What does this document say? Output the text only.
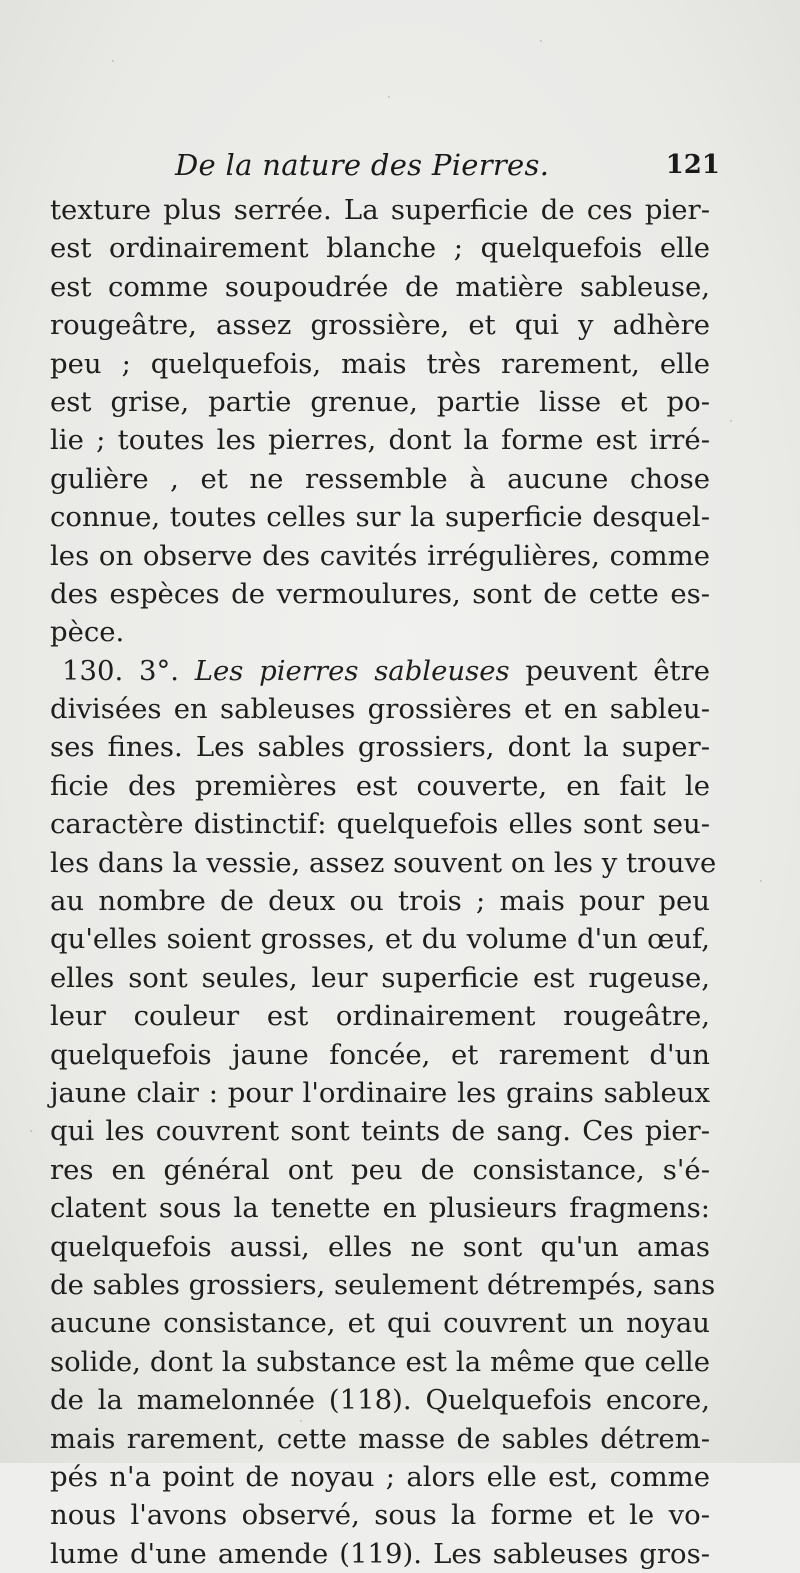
De la nature des Pierres.	121
texture plus serrée. La superficie de ces pier-
est ordinairement blanche ; quelquefois elle
est comme soupoudrée de matière sableuse,
rougeâtre, assez grossière, et qui y adhère
peu ; quelquefois, mais très rarement, elle
est grise, partie grenue, partie lisse et po-
lie ; toutes les pierres, dont la forme est irré-
gulière , et ne ressemble à aucune chose
connue, toutes celles sur la superficie desquel-
les on observe des cavités irrégulières, comme
des espèces de vermoulures, sont de cette es-
pèce.
130. 3°. Les pierres sableuses peuvent être
divisées en sableuses grossières et en sableu-
ses fines. Les sables grossiers, dont la super-
ficie des premières est couverte, en fait le
caractère distinctif: quelquefois elles sont seu-
les dans la vessie, assez souvent on les y trouve
au nombre de deux ou trois ; mais pour peu
qu'elles soient grosses, et du volume d'un œuf,
elles sont seules, leur superficie est rugeuse,
leur couleur est ordinairement rougeâtre,
quelquefois jaune foncée, et rarement d'un
jaune clair : pour l'ordinaire les grains sableux
qui les couvrent sont teints de sang. Ces pier-
res en général ont peu de consistance, s'é-
clatent sous la tenette en plusieurs fragmens:
quelquefois aussi, elles ne sont qu'un amas
de sables grossiers, seulement détrempés, sans
aucune consistance, et qui couvrent un noyau
solide, dont la substance est la même que celle
de la mamelonnée (118). Quelquefois encore,
mais rarement, cette masse de sables détrem-
pés n'a point de noyau ; alors elle est, comme
nous l'avons observé, sous la forme et le vo-
lume d'une amende (119). Les sableuses gros-
